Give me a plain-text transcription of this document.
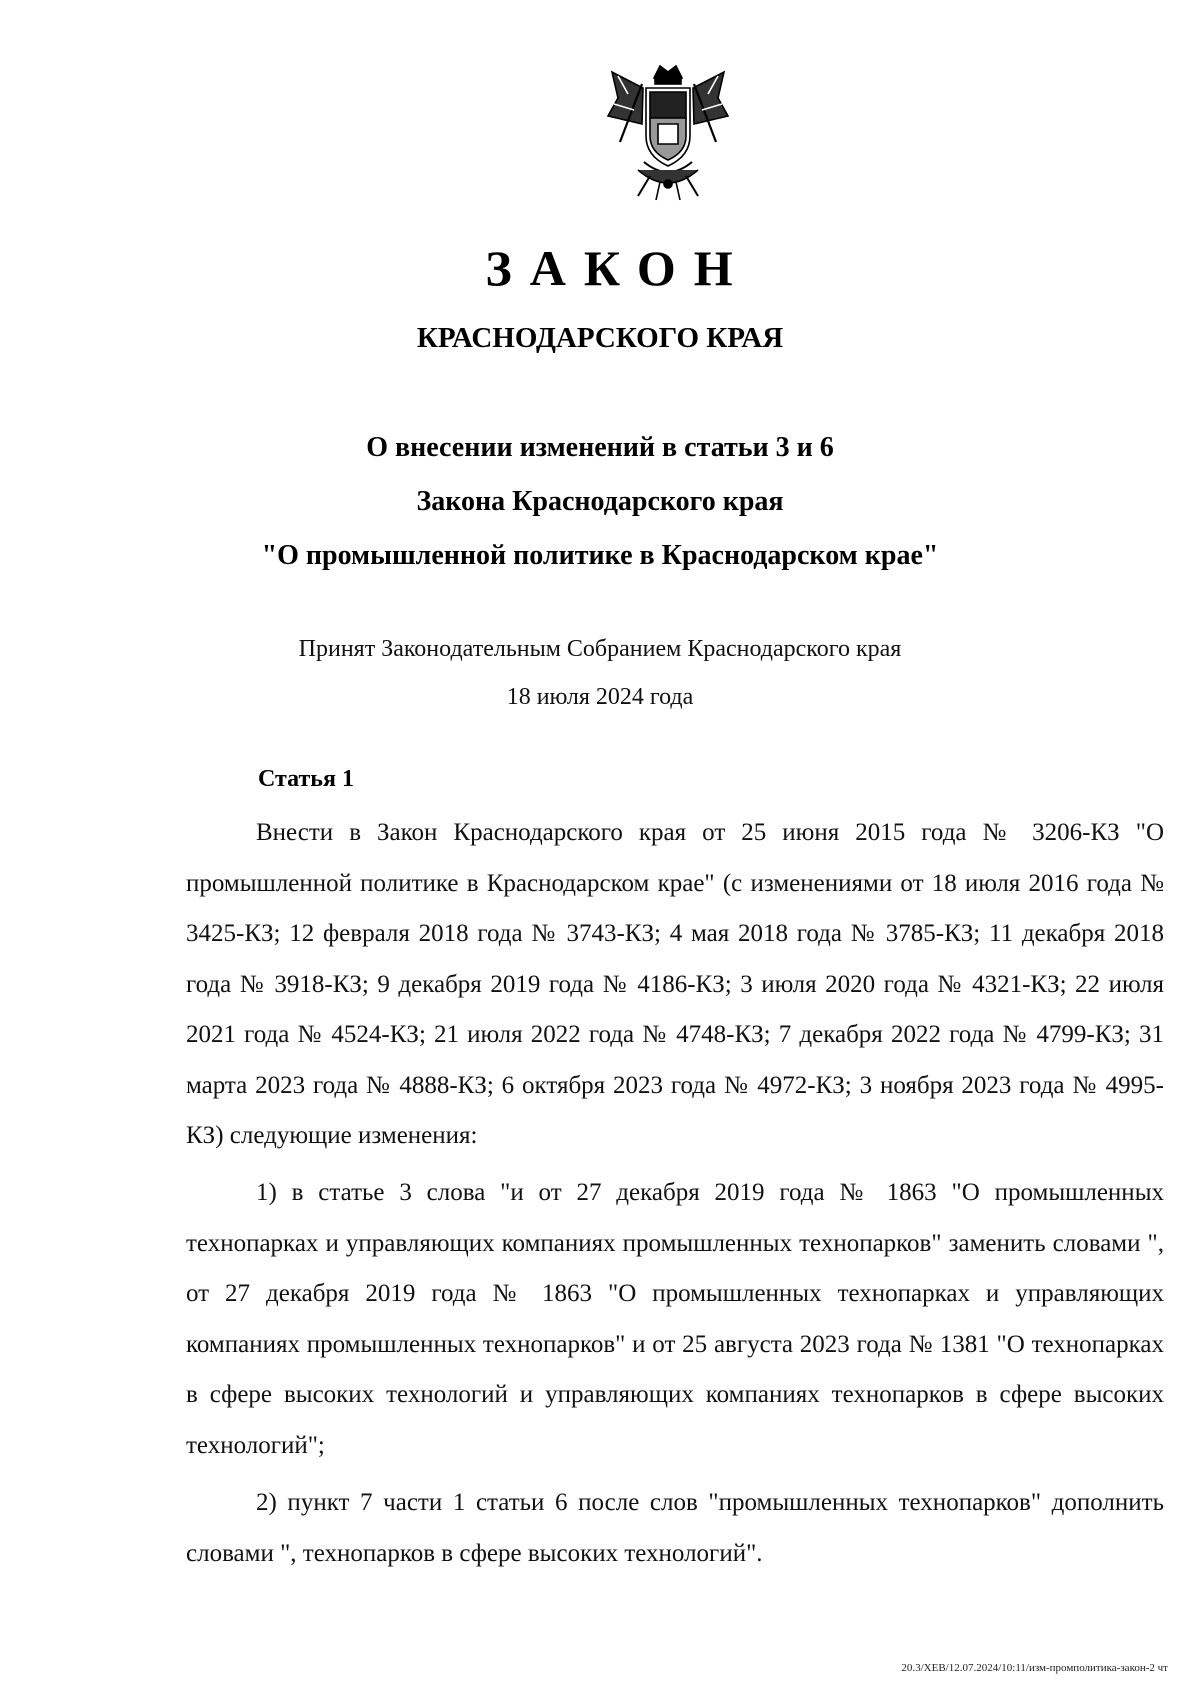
ЗАКОН
КРАСНОДАРСКОГО КРАЯ
О внесении изменений в статьи 3 и 6
Закона Краснодарского края
"О промышленной политике в Краснодарском крае"
Принят Законодательным Собранием Краснодарского края
18 июля 2024 года
Статья 1

Внести в Закон Краснодарского края от 25 июня 2015 года № 3206-КЗ "О промышленной политике в Краснодарском крае" (с изменениями от 18 июля 2016 года № 3425-КЗ; 12 февраля 2018 года № 3743-КЗ; 4 мая 2018 года № 3785-КЗ; 11 декабря 2018 года № 3918-КЗ; 9 декабря 2019 года № 4186-КЗ; 3 июля 2020 года № 4321-КЗ; 22 июля 2021 года № 4524-КЗ; 21 июля 2022 года № 4748-КЗ; 7 декабря 2022 года № 4799-КЗ; 31 марта 2023 года № 4888-КЗ; 6 октября 2023 года № 4972-КЗ; 3 ноября 2023 года № 4995-КЗ) следующие изменения:

1) в статье 3 слова "и от 27 декабря 2019 года № 1863 "О промышленных технопарках и управляющих компаниях промышленных технопарков" заменить словами ", от 27 декабря 2019 года № 1863 "О промышленных технопарках и управляющих компаниях промышленных технопарков" и от 25 августа 2023 года № 1381 "О технопарках в сфере высоких технологий и управляющих компаниях технопарков в сфере высоких технологий";

2) пункт 7 части 1 статьи 6 после слов "промышленных технопарков" дополнить словами ", технопарков в сфере высоких технологий".

20.3/ХЕВ/12.07.2024/10:11/изм-промполитика-закон-2 чт
